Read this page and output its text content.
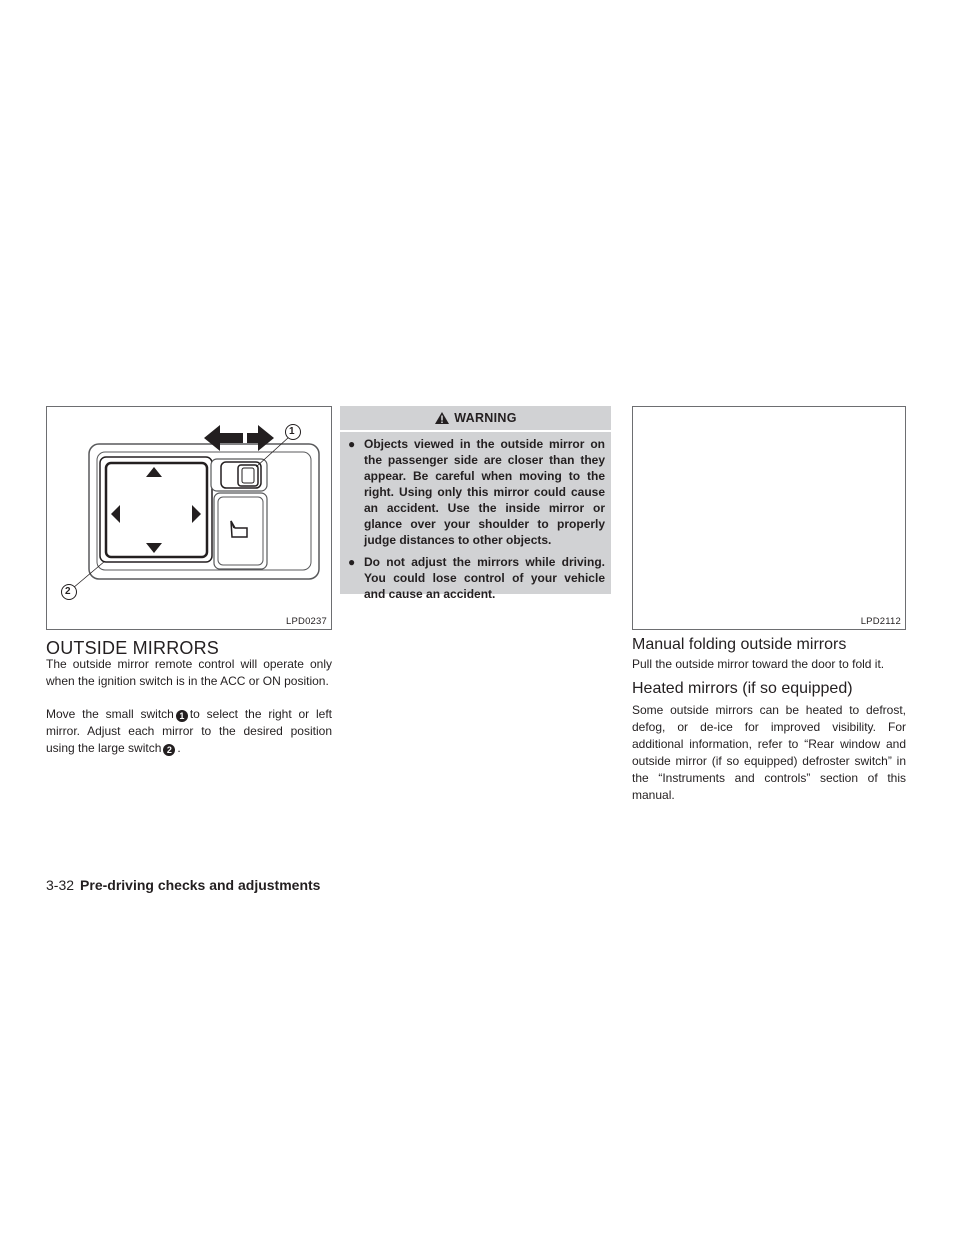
1
2
LPD0237
OUTSIDE MIRRORS

The outside mirror remote control will operate only when the ignition switch is in the ACC or ON position.

Move the small switch 1 to select the right or left mirror. Adjust each mirror to the desired position using the large switch 2 .

WARNING
● Objects viewed in the outside mirror on the passenger side are closer than they appear. Be careful when moving to the right. Using only this mirror could cause an accident. Use the inside mirror or glance over your shoulder to properly judge distances to other objects.
● Do not adjust the mirrors while driving. You could lose control of your vehicle and cause an accident.
LPD2112
Manual folding outside mirrors

Pull the outside mirror toward the door to fold it.

Heated mirrors (if so equipped)

Some outside mirrors can be heated to defrost, defog, or de-ice for improved visibility. For additional information, refer to “Rear window and outside mirror (if so equipped) defroster switch” in the “Instruments and controls” section of this manual.

3-32 Pre-driving checks and adjustments
